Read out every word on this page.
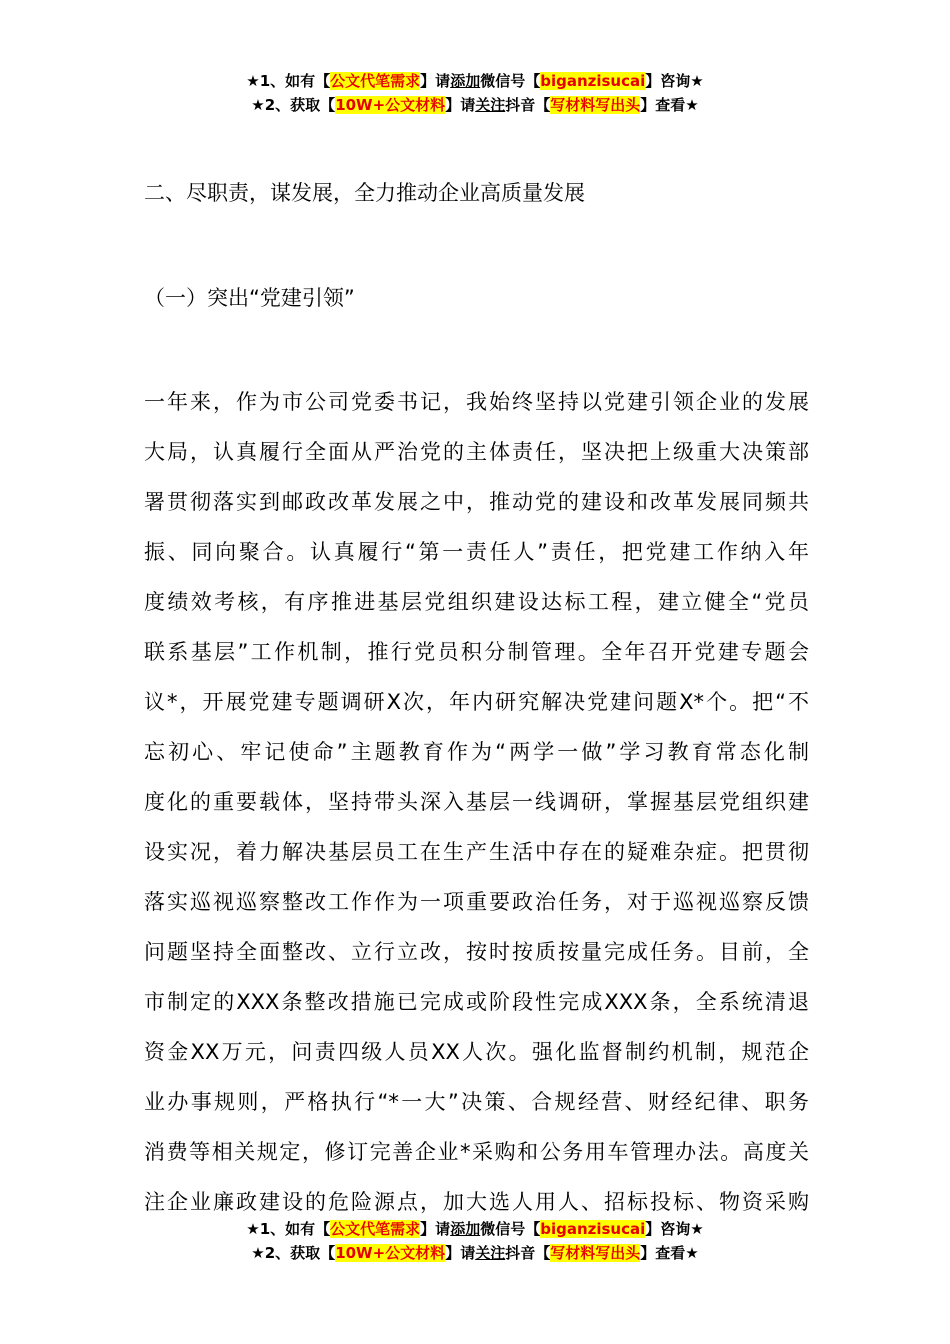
★1、如有【公文代笔需求】请添加微信号【biganzisucai】咨询★
★2、获取【10W+公文材料】请关注抖音【写材料写出头】查看★
二、尽职责，谋发展，全力推动企业高质量发展
（一）突出“党建引领”
一年来，作为市公司党委书记，我始终坚持以党建引领企业的发展
大局，认真履行全面从严治党的主体责任，坚决把上级重大决策部
署贯彻落实到邮政改革发展之中，推动党的建设和改革发展同频共
振、同向聚合。认真履行“第一责任人”责任，把党建工作纳入年
度绩效考核，有序推进基层党组织建设达标工程，建立健全“党员
联系基层”工作机制，推行党员积分制管理。全年召开党建专题会
议*，开展党建专题调研X次，年内研究解决党建问题X*个。把“不
忘初心、牢记使命”主题教育作为“两学一做”学习教育常态化制
度化的重要载体，坚持带头深入基层一线调研，掌握基层党组织建
设实况，着力解决基层员工在生产生活中存在的疑难杂症。把贯彻
落实巡视巡察整改工作作为一项重要政治任务，对于巡视巡察反馈
问题坚持全面整改、立行立改，按时按质按量完成任务。目前，全
市制定的XXX条整改措施已完成或阶段性完成XXX条，全系统清退
资金XX万元，问责四级人员XX人次。强化监督制约机制，规范企
业办事规则，严格执行“*一大”决策、合规经营、财经纪律、职务
消费等相关规定，修订完善企业*采购和公务用车管理办法。高度关
注企业廉政建设的危险源点，加大选人用人、招标投标、物资采购
★1、如有【公文代笔需求】请添加微信号【biganzisucai】咨询★
★2、获取【10W+公文材料】请关注抖音【写材料写出头】查看★
